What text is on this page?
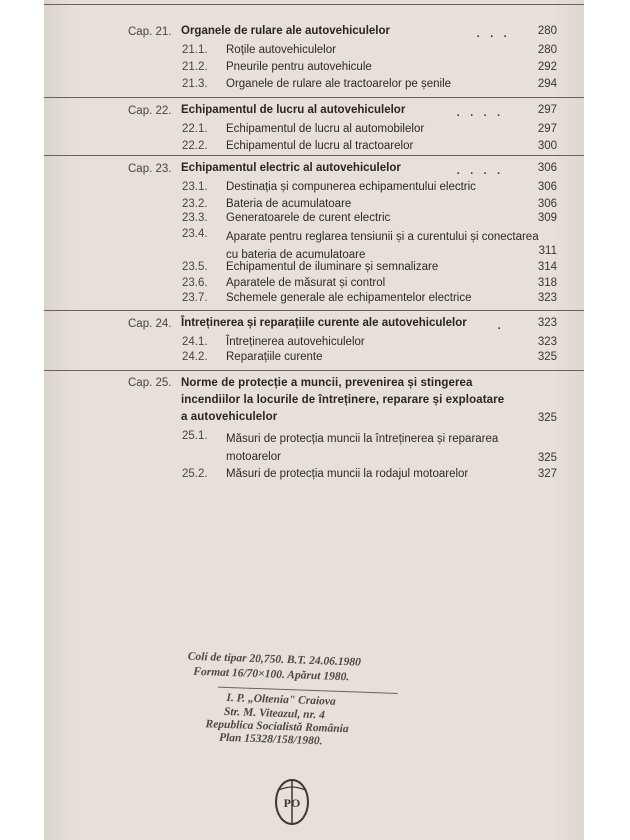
Cap. 21. Organele de rulare ale autovehiculelor	... 280
21.1. Roțile autovehiculelor	280
21.2. Pneurile pentru autovehicule	292
21.3. Organele de rulare ale tractoarelor pe șenile	294
Cap. 22. Echipamentul de lucru al autovehiculelor	.... 297
22.1. Echipamentul de lucru al automobilelor	297
22.2. Echipamentul de lucru al tractoarelor	300
Cap. 23. Echipamentul electric al autovehiculelor	.... 306
23.1. Destinația și compunerea echipamentului electric	306
23.2. Bateria de acumulatoare	306
23.3. Generatoarele de curent electric	309
23.4. Aparate pentru reglarea tensiunii și a curentului și conectarea cu bateria de acumulatoare	311
23.5. Echipamentul de iluminare și semnalizare	314
23.6. Aparatele de măsurat și control	318
23.7. Schemele generale ale echipamentelor electrice	323
Cap. 24. Întreținerea și reparațiile curente ale autovehiculelor . 323
24.1. Întreținerea autovehiculelor	323
24.2. Reparațiile curente	325
Cap. 25. Norme de protecție a muncii, prevenirea și stingerea incendiilor la locurile de întreținere, reparare și exploatare a autovehiculelor	325
25.1. Măsuri de protecția muncii la întreținerea și repararea motoarelor	325
25.2. Măsuri de protecția muncii la rodajul motoarelor	327
Coli de tipar 20,750. B.T. 24.06.1980
Format 16/70×100. Apărut 1980.
I. P. „Oltenia" Craiova
Str. M. Viteazul, nr. 4
Republica Socialistă România
Plan 15328/158/1980.
PO
